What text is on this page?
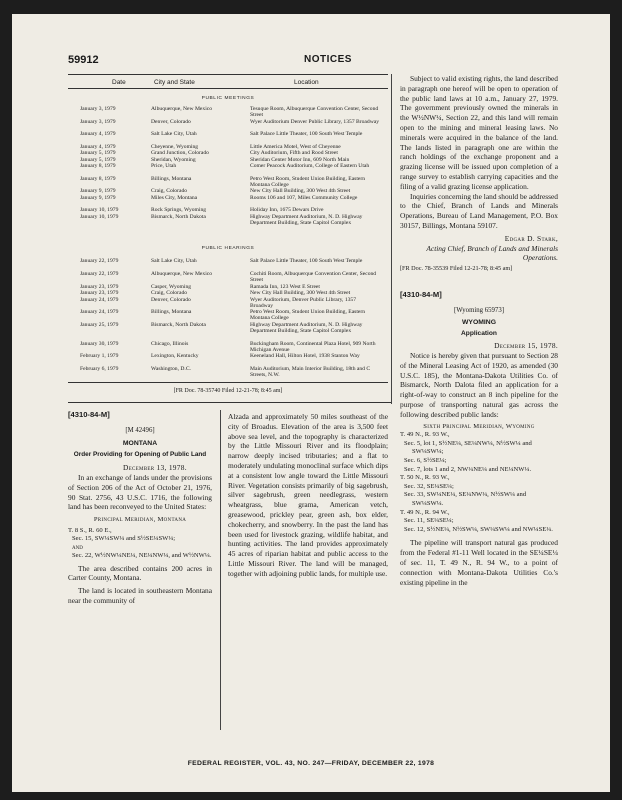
59912	NOTICES
Date	City and State	Location
PUBLIC MEETINGS
January 3, 1979	Albuquerque, New Mexico	Tesuque Room, Albuquerque Convention Center, Second Street
January 3, 1979	Denver, Colorado	Wyer Auditorium Denver Public Library, 1357 Broadway
January 4, 1979	Salt Lake City, Utah	Salt Palace Little Theater, 100 South West Temple
January 4, 1979	Cheyenne, Wyoming	Little America Motel, West of Cheyenne
January 5, 1979	Grand Junction, Colorado	City Auditorium, Fifth and Rood Street
January 5, 1979	Sheridan, Wyoming	Sheridan Center Motor Inn, 609 North Main
January 8, 1979	Price, Utah	Comer Peacock Auditorium, College of Eastern Utah
January 8, 1979	Billings, Montana	Petro West Room, Student Union Building, Eastern Montana College
January 9, 1979	Craig, Colorado	New City Hall Building, 300 West 4th Street
January 9, 1979	Miles City, Montana	Rooms 106 and 107, Miles Community College
January 10, 1979	Rock Springs, Wyoming	Holiday Inn, 1675 Dewars Drive
January 10, 1979	Bismarck, North Dakota	Highway Department Auditorium, N. D. Highway Department Building, State Capitol Complex
PUBLIC HEARINGS
January 22, 1979	Salt Lake City, Utah	Salt Palace Little Theater, 100 South West Temple
January 22, 1979	Albuquerque, New Mexico	Cochiti Room, Albuquerque Convention Center, Second Street
January 23, 1979	Casper, Wyoming	Ramada Inn, 123 West E Street
January 23, 1979	Craig, Colorado	New City Hall Building, 300 West 4th Street
January 24, 1979	Denver, Colorado	Wyer Auditorium, Denver Public Library, 1357 Broadway
January 24, 1979	Billings, Montana	Petro West Room, Student Union Building, Eastern Montana College
January 25, 1979	Bismarck, North Dakota	Highway Department Auditorium, N. D. Highway Department Building, State Capitol Complex
January 30, 1979	Chicago, Illinois	Buckingham Room, Continental Plaza Hotel, 909 North Michigan Avenue
February 1, 1979	Lexington, Kentucky	Keeneland Hall, Hilton Hotel, 1938 Stanton Way
February 6, 1979	Washington, D.C.	Main Auditorium, Main Interior Building, 18th and C Streets, N.W.
[FR Doc. 78-35740 Filed 12-21-78; 8:45 am]

[4310-84-M]

[M 42496]

MONTANA

Order Providing for Opening of Public Land

December 13, 1978.

In an exchange of lands under the provisions of Section 206 of the Act of October 21, 1976, 90 Stat. 2756, 43 U.S.C. 1716, the following land has been reconveyed to the United States:

Principal Meridian, Montana

T. 8 S., R. 60 E.,

Sec. 15, SW¼SW¼ and S½SE¼SW¼;

and

Sec. 22, W½NW¼NE¼, NE¼NW¼, and W½NW¼.

The area described contains 200 acres in Carter County, Montana.

The land is located in southeastern Montana near the community of

Alzada and approximately 50 miles southeast of the city of Broadus. Elevation of the area is 3,500 feet above sea level, and the topography is characterized by the Little Missouri River and its floodplain; narrow deeply incised tributaries; and a flat to moderately undulating monoclinal surface which dips at a consistent low angle toward the Little Missouri River. Vegetation consists primarily of big sagebrush, silver sagebrush, green needlegrass, western wheatgrass, blue grama, American vetch, greasewood, prickley pear, green ash, box elder, chokecherry, and snowberry. In the past the land has been used for livestock grazing, wildlife habitat, and hunting activities. The land provides approximately 45 acres of riparian habitat and public access to the Little Missouri River. The land will be managed, together with adjoining public lands, for multiple use.

Subject to valid existing rights, the land described in paragraph one hereof will be open to operation of the public land laws at 10 a.m., January 27, 1979. The government previously owned the minerals in the W½NW¼, Section 22, and this land will remain open to the mining and mineral leasing laws. No minerals were acquired in the balance of the land. The lands listed in paragraph one are within the ranch holdings of the exchange proponent and a grazing license will be issued upon completion of a range survey to establish carrying capacities and the filing of a valid grazing license application.

Inquiries concerning the land should be addressed to the Chief, Branch of Lands and Minerals Operations, Bureau of Land Management, P.O. Box 30157, Billings, Montana 59107.

Edgar D. Stark,

Acting Chief, Branch of Lands and Minerals Operations.

[FR Doc. 78-35539 Filed 12-21-78; 8:45 am]

[4310-84-M]

[Wyoming 65973]

WYOMING

Application

December 15, 1978.

Notice is hereby given that pursuant to Section 28 of the Mineral Leasing Act of 1920, as amended (30 U.S.C. 185), the Montana-Dakota Utilities Co. of Bismarck, North Dalota filed an application for a right-of-way to construct an 8 inch pipeline for the purpose of transporting natural gas across the following described public lands:

Sixth Principal Meridian, Wyoming

T. 49 N., R. 93 W.,

Sec. 5, lot 1, S½NE¼, SE¼NW¼, N½SW¼ and SW¼SW¼;

Sec. 6, S½SE¼;

Sec. 7, lots 1 and 2, NW¼NE¼ and NE¼NW¼.

T. 50 N., R. 93 W.,

Sec. 32, SE¼SE¼;

Sec. 33, SW¼NE¼, SE¼NW¼, N½SW¼ and SW¼SW¼.

T. 49 N., R. 94 W.,

Sec. 11, SE¼SE¼;

Sec. 12, S½NE¼, N½SW¼, SW¼SW¼ and NW¼SE¼.

The pipeline will transport natural gas produced from the Federal #1-11 Well located in the SE¼SE¼ of sec. 11, T. 49 N., R. 94 W., to a point of connection with Montana-Dakota Utilities Co.'s existing pipeline in the

FEDERAL REGISTER, VOL. 43, NO. 247—FRIDAY, DECEMBER 22, 1978
